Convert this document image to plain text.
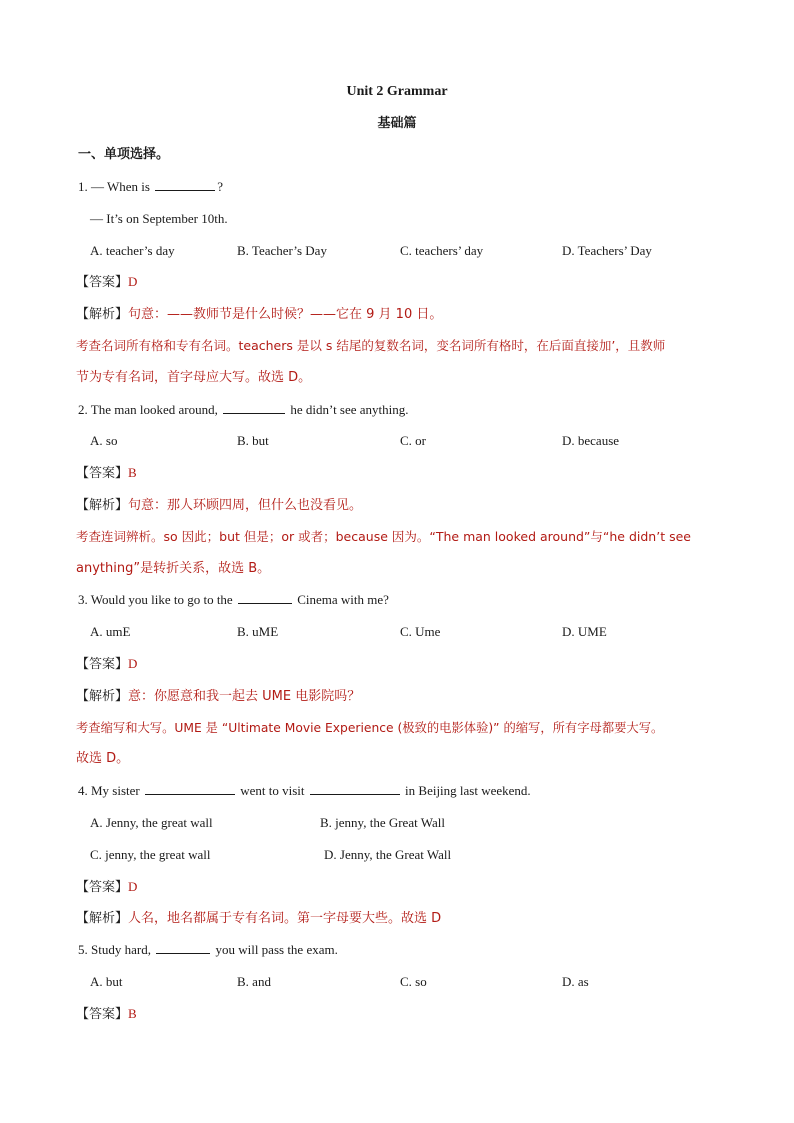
Unit 2 Grammar
基础篇
一、单项选择。
1. — When is	?
— It’s on September 10th.
A. teacher’s day	B. Teacher’s Day	C. teachers’ day	D. Teachers’ Day
【答案】D
【解析】句意：——教师节是什么时候？——它在 9 月 10 日。
考查名词所有格和专有名词。teachers 是以 s 结尾的复数名词，变名词所有格时，在后面直接加’，且教师
节为专有名词，首字母应大写。故选 D。
2. The man looked around,	he didn’t see anything.
A. so	B. but	C. or	D. because
【答案】B
【解析】句意：那人环顾四周，但什么也没看见。
考查连词辨析。so 因此；but 但是；or 或者；because 因为。“The man looked around”与“he didn’t see
anything”是转折关系，故选 B。
3. Would you like to go to the	Cinema with me?
A. umE	B. uME	C. Ume	D. UME
【答案】D
【解析】意：你愿意和我一起去 UME 电影院吗？
考查缩写和大写。UME 是 “Ultimate Movie Experience (极致的电影体验)” 的缩写，所有字母都要大写。
故选 D。
4. My sister	went to visit	in Beijing last weekend.
A. Jenny, the great wall	B. jenny, the Great Wall
C. jenny, the great wall	D. Jenny, the Great Wall
【答案】D
【解析】人名，地名都属于专有名词。第一字母要大些。故选 D
5. Study hard,	you will pass the exam.
A. but	B. and	C. so	D. as
【答案】B
